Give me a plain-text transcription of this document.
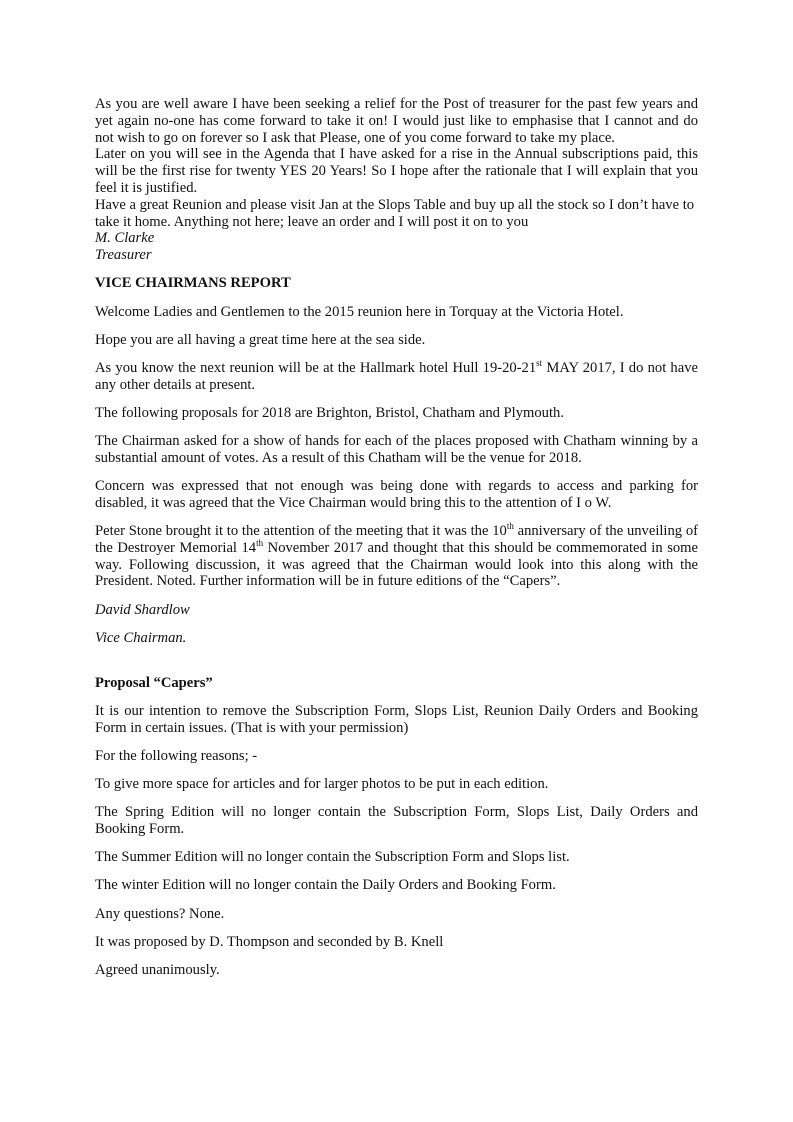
As you are well aware I have been seeking a relief for the Post of treasurer for the past few years and yet again no-one has come forward to take it on! I would just like to emphasise that I cannot and do not wish to go on forever so I ask that Please, one of you come forward to take my place.

Later on you will see in the Agenda that I have asked for a rise in the Annual subscriptions paid, this will be the first rise for twenty YES 20 Years! So I hope after the rationale that I will explain that you feel it is justified.

Have a great Reunion and please visit Jan at the Slops Table and buy up all the stock so I don’t have to take it home. Anything not here; leave an order and I will post it on to you

M. Clarke

Treasurer

VICE CHAIRMANS REPORT

Welcome Ladies and Gentlemen to the 2015 reunion here in Torquay at the Victoria Hotel.

Hope you are all having a great time here at the sea side.

As you know the next reunion will be at the Hallmark hotel Hull 19-20-21st MAY 2017, I do not have any other details at present.

The following proposals for 2018 are Brighton, Bristol, Chatham and Plymouth.

The Chairman asked for a show of hands for each of the places proposed with Chatham winning by a substantial amount of votes. As a result of this Chatham will be the venue for 2018.

Concern was expressed that not enough was being done with regards to access and parking for disabled, it was agreed that the Vice Chairman would bring this to the attention of I o W.

Peter Stone brought it to the attention of the meeting that it was the 10th anniversary of the unveiling of the Destroyer Memorial 14th November 2017 and thought that this should be commemorated in some way. Following discussion, it was agreed that the Chairman would look into this along with the President. Noted. Further information will be in future editions of the “Capers”.

David Shardlow

Vice Chairman.

Proposal “Capers”

It is our intention to remove the Subscription Form, Slops List, Reunion Daily Orders and Booking Form in certain issues. (That is with your permission)

For the following reasons; -

To give more space for articles and for larger photos to be put in each edition.

The Spring Edition will no longer contain the Subscription Form, Slops List, Daily Orders and Booking Form.

The Summer Edition will no longer contain the Subscription Form and Slops list.

The winter Edition will no longer contain the Daily Orders and Booking Form.

Any questions? None.

It was proposed by D. Thompson and seconded by B. Knell

Agreed unanimously.
